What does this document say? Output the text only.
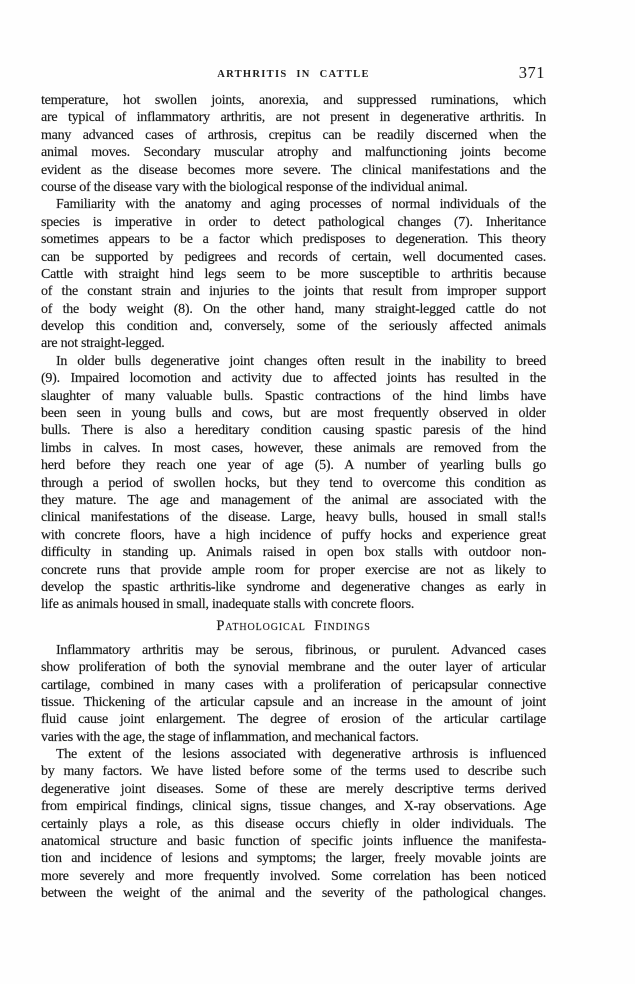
ARTHRITIS IN CATTLE	371
temperature, hot swollen joints, anorexia, and suppressed ruminations, which
are typical of inflammatory arthritis, are not present in degenerative arthritis. In
many advanced cases of arthrosis, crepitus can be readily discerned when the
animal moves. Secondary muscular atrophy and malfunctioning joints become
evident as the disease becomes more severe. The clinical manifestations and the
course of the disease vary with the biological response of the individual animal.
Familiarity with the anatomy and aging processes of normal individuals of the
species is imperative in order to detect pathological changes (7). Inheritance
sometimes appears to be a factor which predisposes to degeneration. This theory
can be supported by pedigrees and records of certain, well documented cases.
Cattle with straight hind legs seem to be more susceptible to arthritis because
of the constant strain and injuries to the joints that result from improper support
of the body weight (8). On the other hand, many straight-legged cattle do not
develop this condition and, conversely, some of the seriously affected animals
are not straight-legged.
In older bulls degenerative joint changes often result in the inability to breed
(9). Impaired locomotion and activity due to affected joints has resulted in the
slaughter of many valuable bulls. Spastic contractions of the hind limbs have
been seen in young bulls and cows, but are most frequently observed in older
bulls. There is also a hereditary condition causing spastic paresis of the hind
limbs in calves. In most cases, however, these animals are removed from the
herd before they reach one year of age (5). A number of yearling bulls go
through a period of swollen hocks, but they tend to overcome this condition as
they mature. The age and management of the animal are associated with the
clinical manifestations of the disease. Large, heavy bulls, housed in small stal!s
with concrete floors, have a high incidence of puffy hocks and experience great
difficulty in standing up. Animals raised in open box stalls with outdoor non-
concrete runs that provide ample room for proper exercise are not as likely to
develop the spastic arthritis-like syndrome and degenerative changes as early in
life as animals housed in small, inadequate stalls with concrete floors.
Pathological Findings
Inflammatory arthritis may be serous, fibrinous, or purulent. Advanced cases
show proliferation of both the synovial membrane and the outer layer of articular
cartilage, combined in many cases with a proliferation of pericapsular connective
tissue. Thickening of the articular capsule and an increase in the amount of joint
fluid cause joint enlargement. The degree of erosion of the articular cartilage
varies with the age, the stage of inflammation, and mechanical factors.
The extent of the lesions associated with degenerative arthrosis is influenced
by many factors. We have listed before some of the terms used to describe such
degenerative joint diseases. Some of these are merely descriptive terms derived
from empirical findings, clinical signs, tissue changes, and X-ray observations. Age
certainly plays a role, as this disease occurs chiefly in older individuals. The
anatomical structure and basic function of specific joints influence the manifesta-
tion and incidence of lesions and symptoms; the larger, freely movable joints are
more severely and more frequently involved. Some correlation has been noticed
between the weight of the animal and the severity of the pathological changes.
